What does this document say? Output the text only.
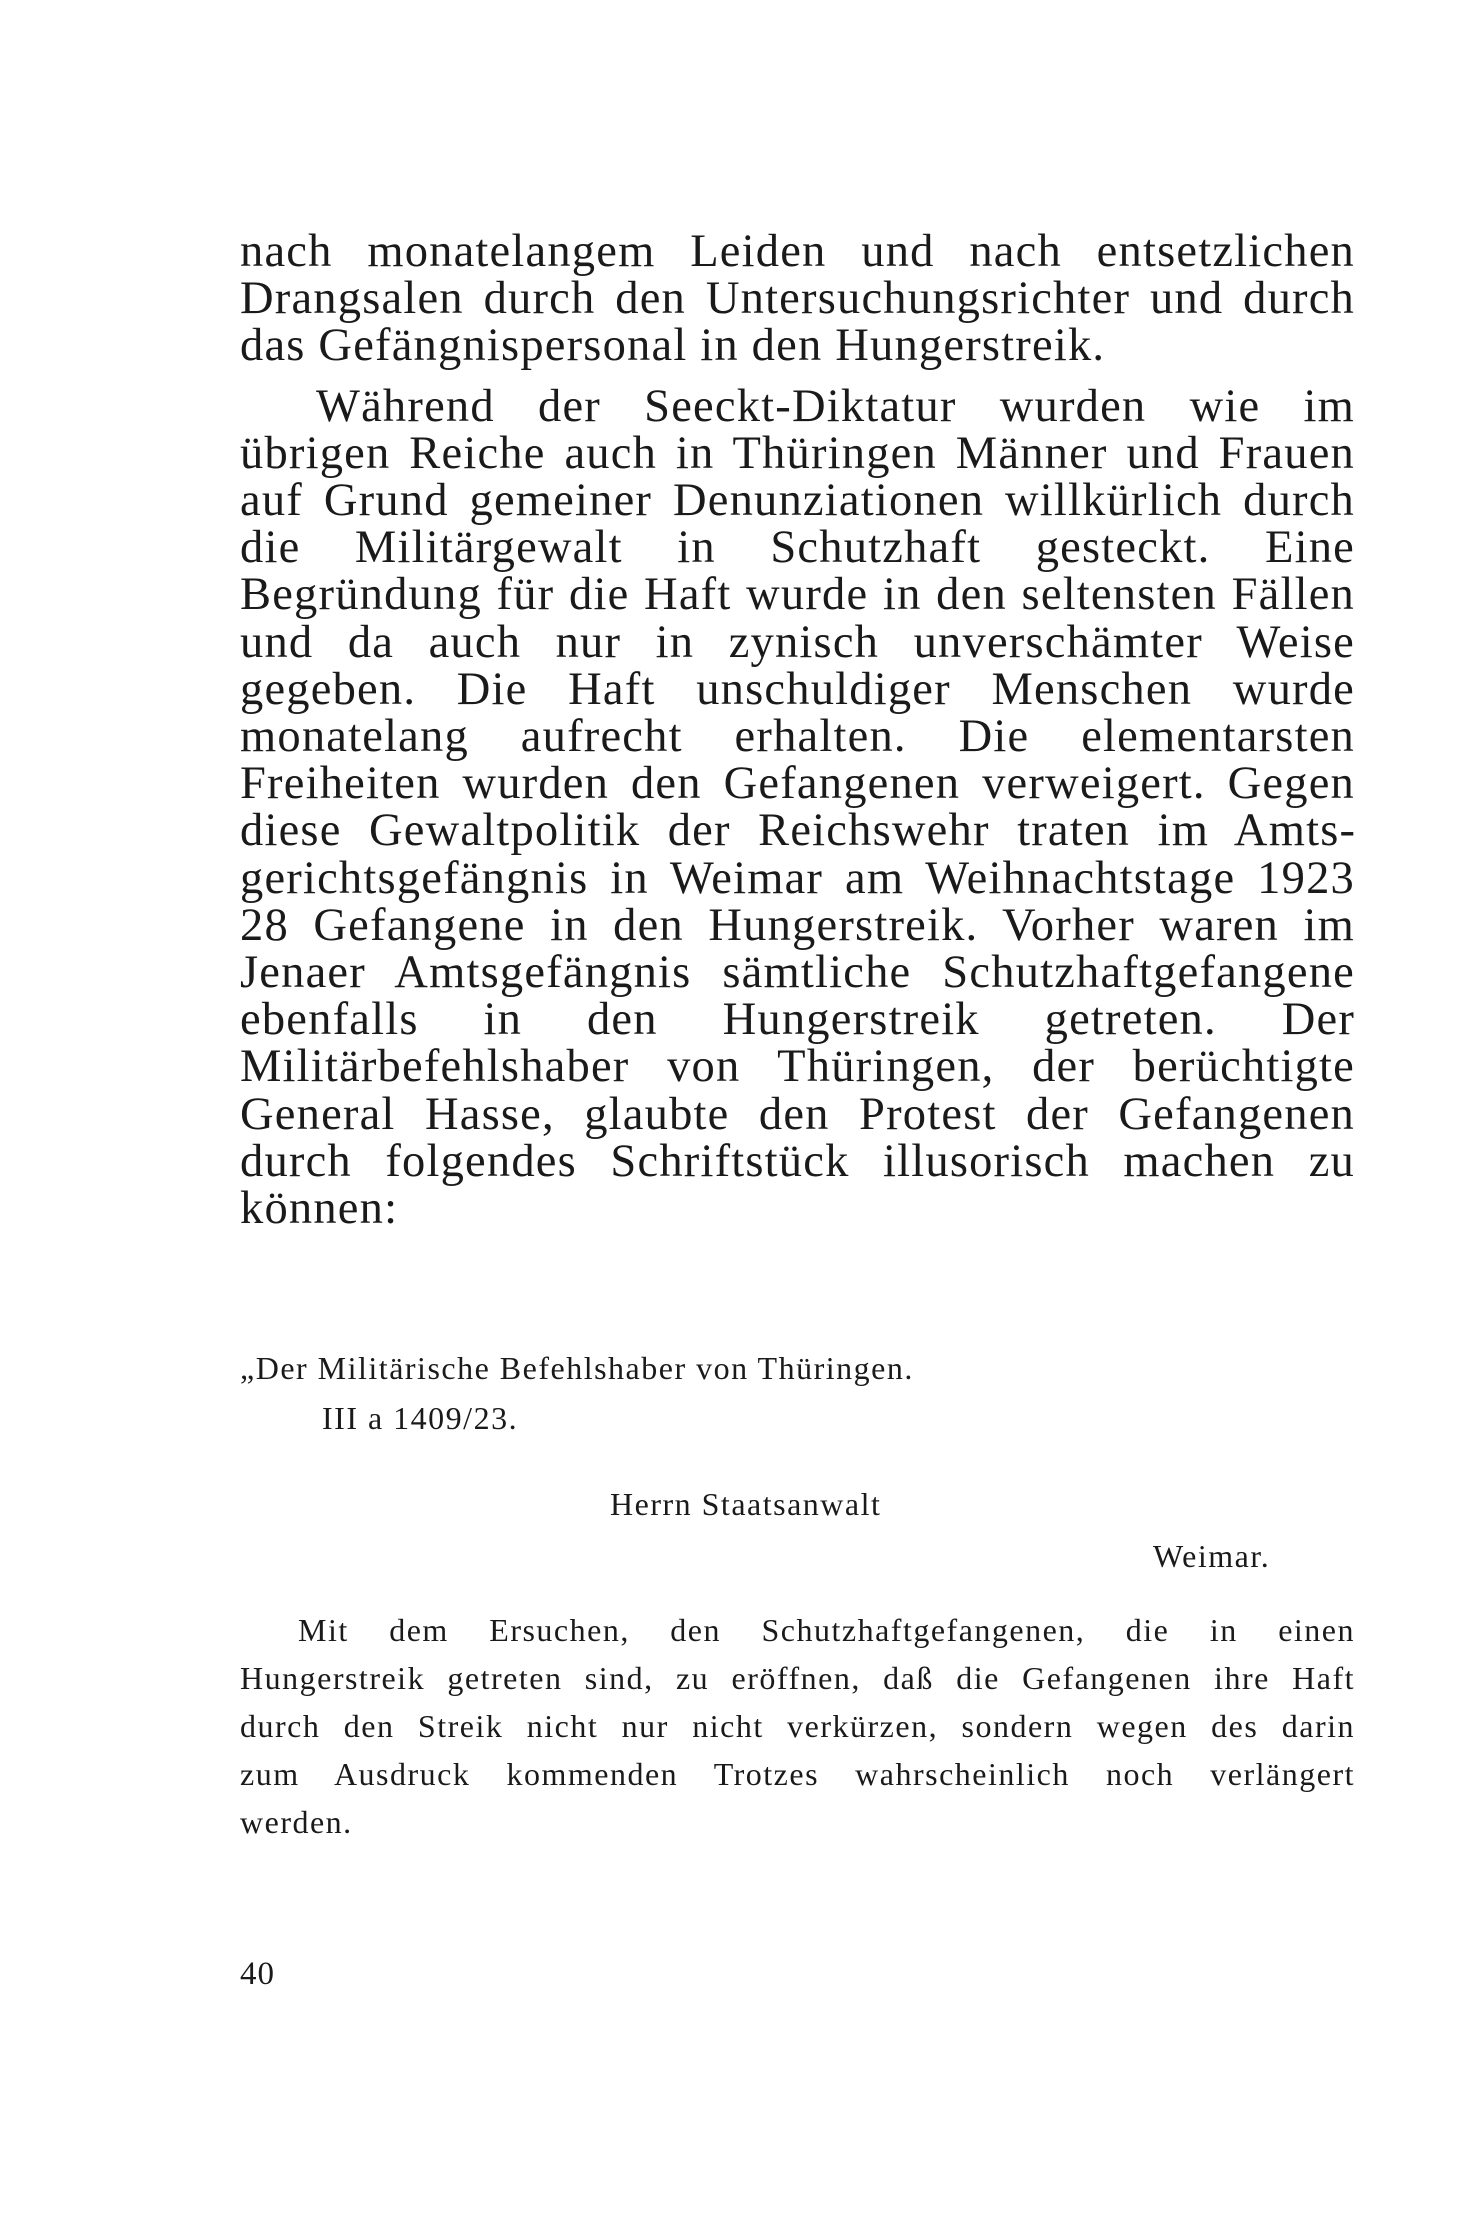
nach monatelangem Leiden und nach entsetzlichen Drangsalen durch den Untersuchungsrichter und durch das Gefängnispersonal in den Hungerstreik.

Während der Seeckt-Diktatur wurden wie im übrigen Reiche auch in Thüringen Männer und Frauen auf Grund gemeiner Denunziationen willkürlich durch die Militärgewalt in Schutzhaft gesteckt. Eine Begründung für die Haft wurde in den seltensten Fällen und da auch nur in zynisch unverschämter Weise gegeben. Die Haft unschuldiger Menschen wurde monatelang aufrecht erhalten. Die elementarsten Freiheiten wurden den Gefangenen verweigert. Gegen diese Gewaltpolitik der Reichswehr traten im Amtsgerichtsgefängnis in Weimar am Weihnachtstage 1923 28 Gefangene in den Hungerstreik. Vorher waren im Jenaer Amtsgefängnis sämtliche Schutzhaftgefangene ebenfalls in den Hungerstreik getreten. Der Militärbefehlshaber von Thüringen, der berüchtigte General Hasse, glaubte den Protest der Gefangenen durch folgendes Schriftstück illusorisch machen zu können:

„Der Militärische Befehlshaber von Thüringen.

III a 1409/23.

Herrn Staatsanwalt

Weimar.

Mit dem Ersuchen, den Schutzhaftgefangenen, die in einen Hungerstreik getreten sind, zu eröffnen, daß die Gefangenen ihre Haft durch den Streik nicht nur nicht verkürzen, sondern wegen des darin zum Ausdruck kommenden Trotzes wahrscheinlich noch verlängert werden.

40
